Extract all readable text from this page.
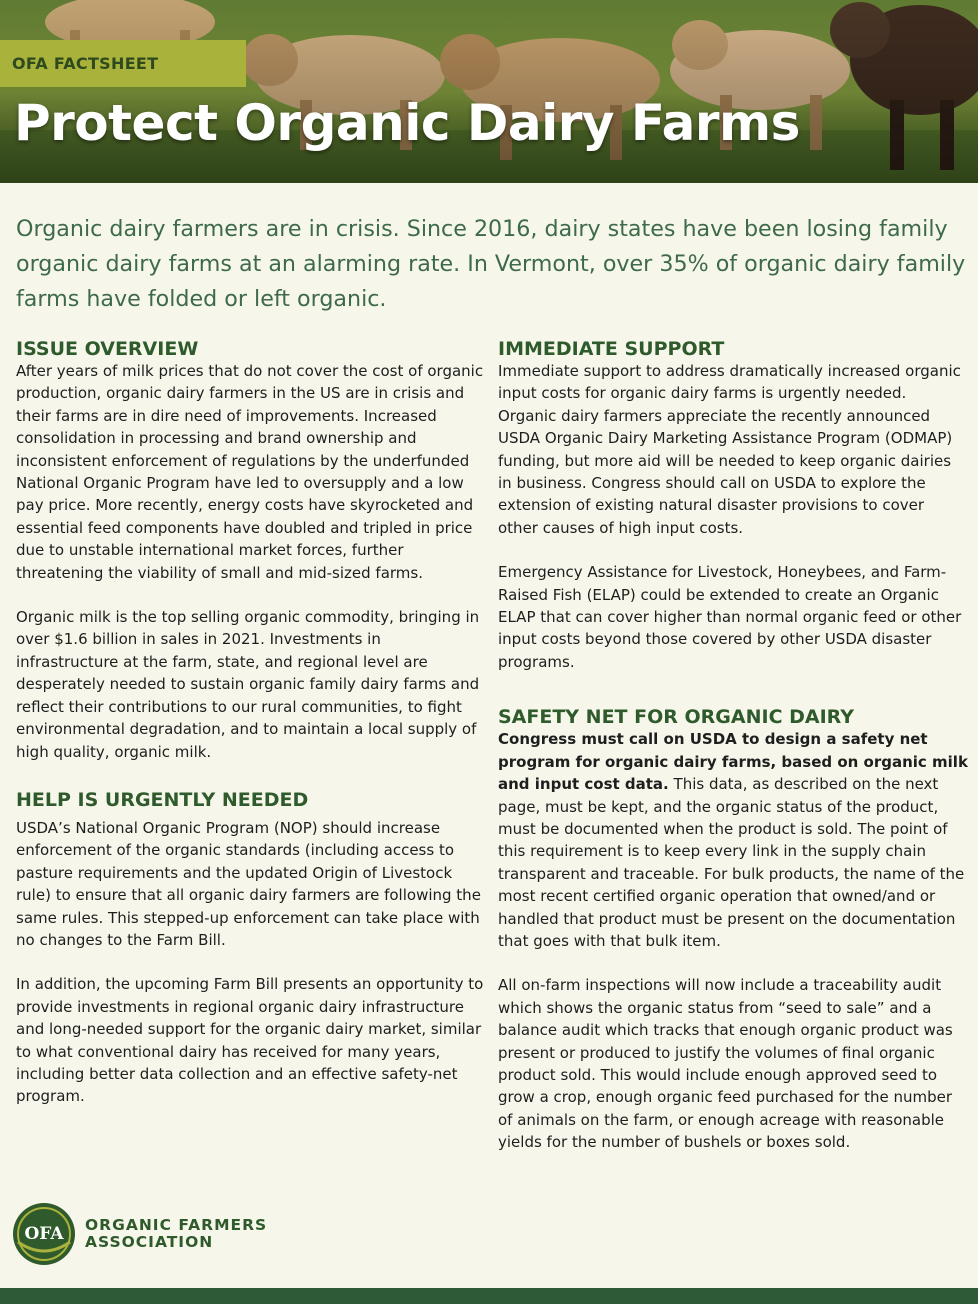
OFA FACTSHEET
Protect Organic Dairy Farms

Organic dairy farmers are in crisis. Since 2016, dairy states have been losing family organic dairy farms at an alarming rate. In Vermont, over 35% of organic dairy family farms have folded or left organic.

ISSUE OVERVIEW

After years of milk prices that do not cover the cost of organic production, organic dairy farmers in the US are in crisis and their farms are in dire need of improvements. Increased consolidation in processing and brand ownership and inconsistent enforcement of regulations by the underfunded National Organic Program have led to oversupply and a low pay price. More recently, energy costs have skyrocketed and essential feed components have doubled and tripled in price due to unstable international market forces, further threatening the viability of small and mid-sized farms.

Organic milk is the top selling organic commodity, bringing in over $1.6 billion in sales in 2021. Investments in infrastructure at the farm, state, and regional level are desperately needed to sustain organic family dairy farms and reflect their contributions to our rural communities, to fight environmental degradation, and to maintain a local supply of high quality, organic milk.

HELP IS URGENTLY NEEDED

USDA’s National Organic Program (NOP) should increase enforcement of the organic standards (including access to pasture requirements and the updated Origin of Livestock rule) to ensure that all organic dairy farmers are following the same rules. This stepped-up enforcement can take place with no changes to the Farm Bill.

In addition, the upcoming Farm Bill presents an opportunity to provide investments in regional organic dairy infrastructure and long-needed support for the organic dairy market, similar to what conventional dairy has received for many years, including better data collection and an effective safety-net program.

IMMEDIATE SUPPORT

Immediate support to address dramatically increased organic input costs for organic dairy farms is urgently needed. Organic dairy farmers appreciate the recently announced USDA Organic Dairy Marketing Assistance Program (ODMAP) funding, but more aid will be needed to keep organic dairies in business. Congress should call on USDA to explore the extension of existing natural disaster provisions to cover other causes of high input costs.

Emergency Assistance for Livestock, Honeybees, and Farm-Raised Fish (ELAP) could be extended to create an Organic ELAP that can cover higher than normal organic feed or other input costs beyond those covered by other USDA disaster programs.

SAFETY NET FOR ORGANIC DAIRY

Congress must call on USDA to design a safety net program for organic dairy farms, based on organic milk and input cost data. This data, as described on the next page, must be kept, and the organic status of the product, must be documented when the product is sold. The point of this requirement is to keep every link in the supply chain transparent and traceable. For bulk products, the name of the most recent certified organic operation that owned/and or handled that product must be present on the documentation that goes with that bulk item.

All on-farm inspections will now include a traceability audit which shows the organic status from “seed to sale” and a balance audit which tracks that enough organic product was present or produced to justify the volumes of final organic product sold. This would include enough approved seed to grow a crop, enough organic feed purchased for the number of animals on the farm, or enough acreage with reasonable yields for the number of bushels or boxes sold.

OFA ORGANIC FARMERS
ASSOCIATION
